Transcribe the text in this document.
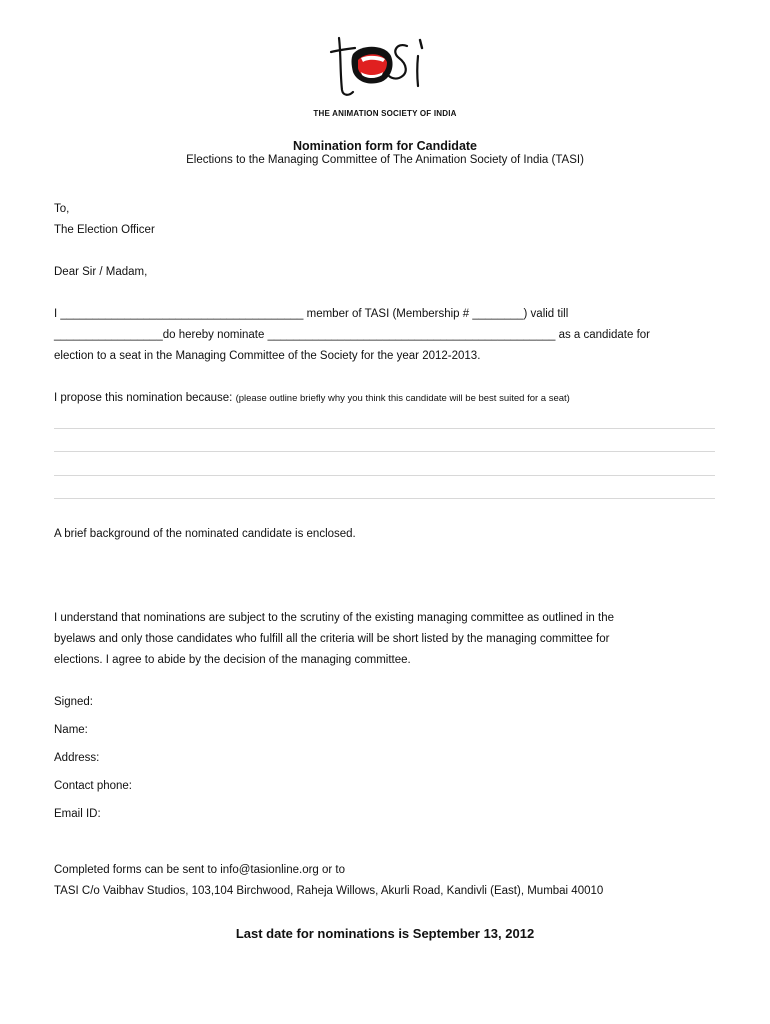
THE ANIMATION SOCIETY OF INDIA
Nomination form for Candidate
Elections to the Managing Committee of The Animation Society of India (TASI)
To,
The Election Officer
Dear Sir / Madam,
I ______________________________________ member of TASI (Membership # ________) valid till
_________________do hereby nominate _____________________________________________ as a candidate for
election to a seat in the Managing Committee of the Society for the year 2012-2013.
I propose this nomination because: (please outline briefly why you think this candidate will be best suited for a seat)
A brief background of the nominated candidate is enclosed.
I understand that nominations are subject to the scrutiny of the existing managing committee as outlined in the
byelaws and only those candidates who fulfill all the criteria will be short listed by the managing committee for
elections. I agree to abide by the decision of the managing committee.
Signed:
Name:
Address:
Contact phone:
Email ID:
Completed forms can be sent to info@tasionline.org or to
TASI C/o Vaibhav Studios, 103,104 Birchwood, Raheja Willows, Akurli Road, Kandivli (East), Mumbai 40010
Last date for nominations is September 13, 2012
